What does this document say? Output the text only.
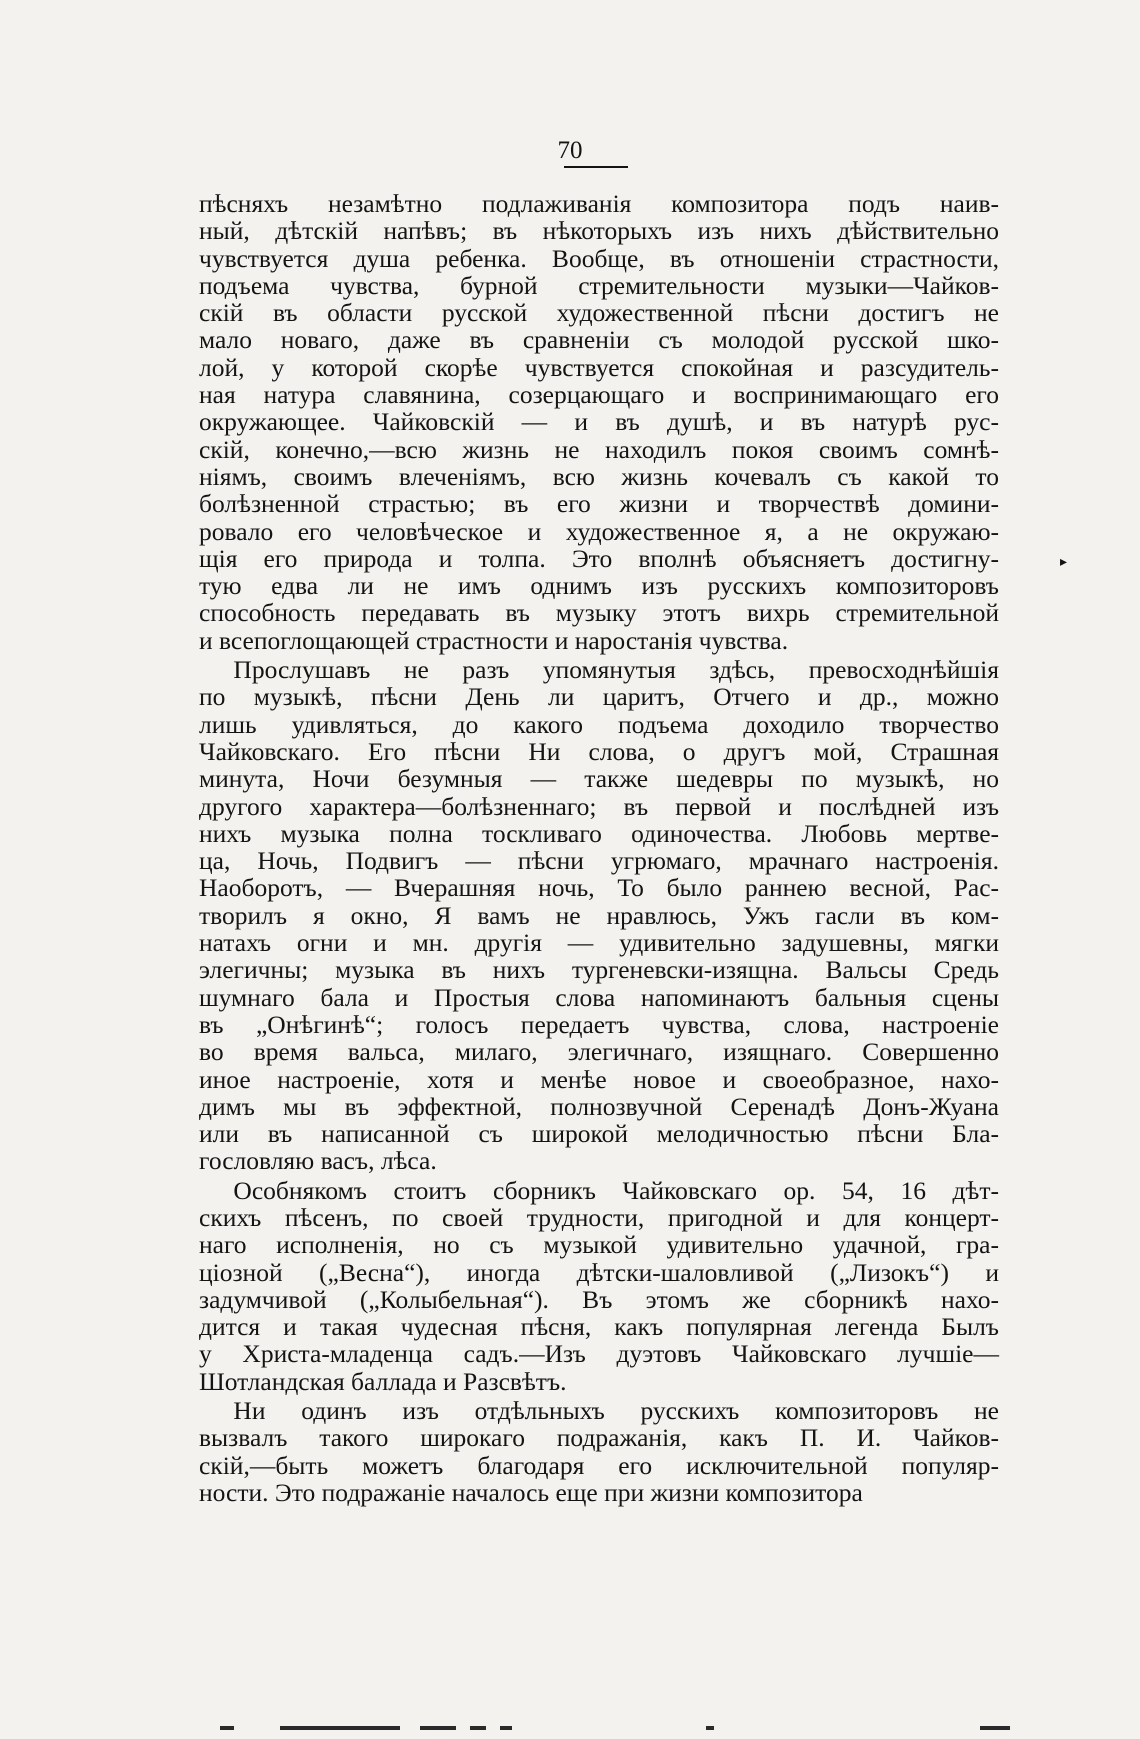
70
пѣсняхъ незамѣтно подлаживанія композитора подъ наив-
ный, дѣтскій напѣвъ; въ нѣкоторыхъ изъ нихъ дѣйствительно
чувствуется душа ребенка. Вообще, въ отношеніи страстности,
подъема чувства, бурной стремительности музыки—Чайков-
скій въ области русской художественной пѣсни достигъ не
мало новаго, даже въ сравненіи съ молодой русской шко-
лой, у которой скорѣе чувствуется спокойная и разсудитель-
ная натура славянина, созерцающаго и воспринимающаго его
окружающее. Чайковскій — и въ душѣ, и въ натурѣ рус-
скій, конечно,—всю жизнь не находилъ покоя своимъ сомнѣ-
ніямъ, своимъ влеченіямъ, всю жизнь кочевалъ съ какой то
болѣзненной страстью; въ его жизни и творчествѣ домини-
ровало его человѣческое и художественное я, а не окружаю-
щія его природа и толпа. Это вполнѣ объясняетъ достигну-
тую едва ли не имъ однимъ изъ русскихъ композиторовъ
способность передавать въ музыку этотъ вихрь стремительной
и всепоглощающей страстности и наростанія чувства.
Прослушавъ не разъ упомянутыя здѣсь, превосходнѣйшія
по музыкѣ, пѣсни День ли царитъ, Отчего и др., можно
лишь удивляться, до какого подъема доходило творчество
Чайковскаго. Его пѣсни Ни слова, о другъ мой, Страшная
минута, Ночи безумныя — также шедевры по музыкѣ, но
другого характера—болѣзненнаго; въ первой и послѣдней изъ
нихъ музыка полна тоскливаго одиночества. Любовь мертве-
ца, Ночь, Подвигъ — пѣсни угрюмаго, мрачнаго настроенія.
Наоборотъ, — Вчерашняя ночь, То было раннею весной, Рас-
творилъ я окно, Я вамъ не нравлюсь, Ужъ гасли въ ком-
натахъ огни и мн. другія — удивительно задушевны, мягки
элегичны; музыка въ нихъ тургеневски-изящна. Вальсы Средь
шумнаго бала и Простыя слова напоминаютъ бальныя сцены
въ „Онѣгинѣ“; голосъ передаетъ чувства, слова, настроеніе
во время вальса, милаго, элегичнаго, изящнаго. Совершенно
иное настроеніе, хотя и менѣе новое и своеобразное, нахо-
димъ мы въ эффектной, полнозвучной Серенадѣ Донъ-Жуана
или въ написанной съ широкой мелодичностью пѣсни Бла-
гословляю васъ, лѣса.
Особнякомъ стоитъ сборникъ Чайковскаго ор. 54, 16 дѣт-
скихъ пѣсенъ, по своей трудности, пригодной и для концерт-
наго исполненія, но съ музыкой удивительно удачной, гра-
ціозной („Весна“), иногда дѣтски-шаловливой („Лизокъ“) и
задумчивой („Колыбельная“). Въ этомъ же сборникѣ нахо-
дится и такая чудесная пѣсня, какъ популярная легенда Былъ
у Христа-младенца садъ.—Изъ дуэтовъ Чайковскаго лучшіе—
Шотландская баллада и Разсвѣтъ.
Ни одинъ изъ отдѣльныхъ русскихъ композиторовъ не
вызвалъ такого широкаго подражанія, какъ П. И. Чайков-
скій,—быть можетъ благодаря его исключительной популяр-
ности. Это подражаніе началось еще при жизни композитора
▸
